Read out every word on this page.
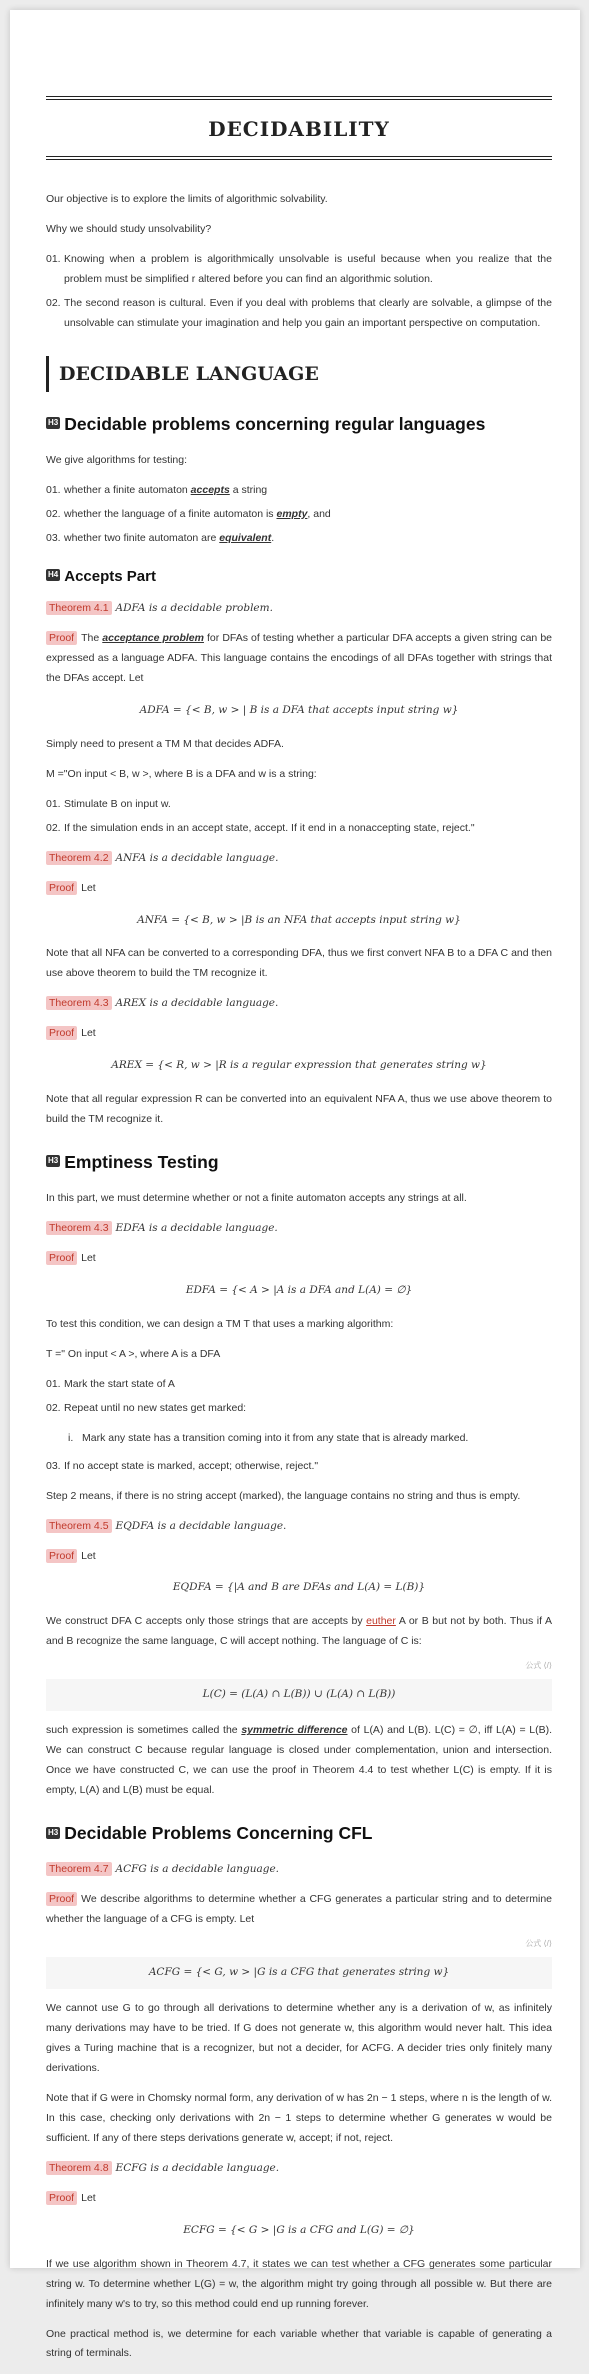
DECIDABILITY

Our objective is to explore the limits of algorithmic solvability.

Why we should study unsolvability?

01. Knowing when a problem is algorithmically unsolvable is useful because when you realize that the problem must be simplified r altered before you can find an algorithmic solution.
02. The second reason is cultural. Even if you deal with problems that clearly are solvable, a glimpse of the unsolvable can stimulate your imagination and help you gain an important perspective on computation.
DECIDABLE LANGUAGE
H3 Decidable problems concerning regular languages

We give algorithms for testing:

01. whether a finite automaton accepts a string
02. whether the language of a finite automaton is empty, and
03. whether two finite automaton are equivalent.
H4 Accepts Part

Theorem 4.1 ADFA is a decidable problem.

Proof The acceptance problem for DFAs of testing whether a particular DFA accepts a given string can be expressed as a language ADFA. This language contains the encodings of all DFAs together with strings that the DFAs accept. Let

ADFA = {< B, w > | B is a DFA that accepts input string w}

Simply need to present a TM M that decides ADFA.

M ="On input < B, w >, where B is a DFA and w is a string:

01. Stimulate B on input w.
02. If the simulation ends in an accept state, accept. If it end in a nonaccepting state, reject."

Theorem 4.2 ANFA is a decidable language.

Proof Let

ANFA = {< B, w > |B is an NFA that accepts input string w}

Note that all NFA can be converted to a corresponding DFA, thus we first convert NFA B to a DFA C and then use above theorem to build the TM recognize it.

Theorem 4.3 AREX is a decidable language.

Proof Let

AREX = {< R, w > |R is a regular expression that generates string w}

Note that all regular expression R can be converted into an equivalent NFA A, thus we use above theorem to build the TM recognize it.

H3 Emptiness Testing

In this part, we must determine whether or not a finite automaton accepts any strings at all.

Theorem 4.3 EDFA is a decidable language.

Proof Let

EDFA = {< A > |A is a DFA and L(A) = ∅}

To test this condition, we can design a TM T that uses a marking algorithm:

T =" On input < A >, where A is a DFA

01. Mark the start state of A
02. Repeat until no new states get marked:
i. Mark any state has a transition coming into it from any state that is already marked.
03. If no accept state is marked, accept; otherwise, reject."

Step 2 means, if there is no string accept (marked), the language contains no string and thus is empty.

Theorem 4.5 EQDFA is a decidable language.

Proof Let

EQDFA = {|A and B are DFAs and L(A) = L(B)}

We construct DFA C accepts only those strings that are accepts by euther A or B but not by both. Thus if A and B recognize the same language, C will accept nothing. The language of C is:

公式 ⟨/⟩
L(C) = (L(A) ∩ L(B)) ∪ (L(A) ∩ L(B))

such expression is sometimes called the symmetric difference of L(A) and L(B). L(C) = ∅, iff L(A) = L(B). We can construct C because regular language is closed under complementation, union and intersection. Once we have constructed C, we can use the proof in Theorem 4.4 to test whether L(C) is empty. If it is empty, L(A) and L(B) must be equal.

H3 Decidable Problems Concerning CFL

Theorem 4.7 ACFG is a decidable language.

Proof We describe algorithms to determine whether a CFG generates a particular string and to determine whether the language of a CFG is empty. Let

公式 ⟨/⟩
ACFG = {< G, w > |G is a CFG that generates string w}

We cannot use G to go through all derivations to determine whether any is a derivation of w, as infinitely many derivations may have to be tried. If G does not generate w, this algorithm would never halt. This idea gives a Turing machine that is a recognizer, but not a decider, for ACFG. A decider tries only finitely many derivations.

Note that if G were in Chomsky normal form, any derivation of w has 2n − 1 steps, where n is the length of w. In this case, checking only derivations with 2n − 1 steps to determine whether G generates w would be sufficient. If any of there steps derivations generate w, accept; if not, reject.

Theorem 4.8 ECFG is a decidable language.

Proof Let

ECFG = {< G > |G is a CFG and L(G) = ∅}

If we use algorithm shown in Theorem 4.7, it states we can test whether a CFG generates some particular string w. To determine whether L(G) = w, the algorithm might try going through all possible w. But there are infinitely many w's to try, so this method could end up running forever.

One practical method is, we determine for each variable whether that variable is capable of generating a string of terminals.
